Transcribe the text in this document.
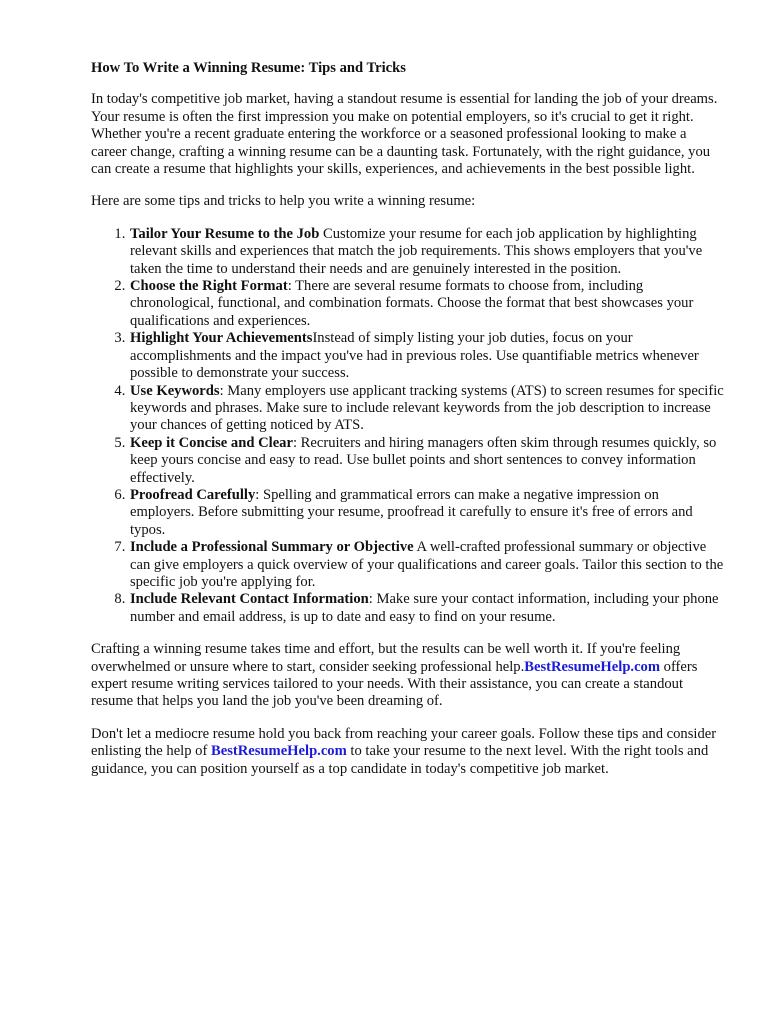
How To Write a Winning Resume: Tips and Tricks

In today's competitive job market, having a standout resume is essential for landing the job of your dreams. Your resume is often the first impression you make on potential employers, so it's crucial to get it right. Whether you're a recent graduate entering the workforce or a seasoned professional looking to make a career change, crafting a winning resume can be a daunting task. Fortunately, with the right guidance, you can create a resume that highlights your skills, experiences, and achievements in the best possible light.

Here are some tips and tricks to help you write a winning resume:

1. Tailor Your Resume to the Job Customize your resume for each job application by highlighting relevant skills and experiences that match the job requirements. This shows employers that you've taken the time to understand their needs and are genuinely interested in the position.
2. Choose the Right Format: There are several resume formats to choose from, including chronological, functional, and combination formats. Choose the format that best showcases your qualifications and experiences.
3. Highlight Your AchievementsInstead of simply listing your job duties, focus on your accomplishments and the impact you've had in previous roles. Use quantifiable metrics whenever possible to demonstrate your success.
4. Use Keywords: Many employers use applicant tracking systems (ATS) to screen resumes for specific keywords and phrases. Make sure to include relevant keywords from the job description to increase your chances of getting noticed by ATS.
5. Keep it Concise and Clear: Recruiters and hiring managers often skim through resumes quickly, so keep yours concise and easy to read. Use bullet points and short sentences to convey information effectively.
6. Proofread Carefully: Spelling and grammatical errors can make a negative impression on employers. Before submitting your resume, proofread it carefully to ensure it's free of errors and typos.
7. Include a Professional Summary or Objective A well-crafted professional summary or objective can give employers a quick overview of your qualifications and career goals. Tailor this section to the specific job you're applying for.
8. Include Relevant Contact Information: Make sure your contact information, including your phone number and email address, is up to date and easy to find on your resume.

Crafting a winning resume takes time and effort, but the results can be well worth it. If you're feeling overwhelmed or unsure where to start, consider seeking professional help.BestResumeHelp.com offers expert resume writing services tailored to your needs. With their assistance, you can create a standout resume that helps you land the job you've been dreaming of.

Don't let a mediocre resume hold you back from reaching your career goals. Follow these tips and consider enlisting the help of BestResumeHelp.com to take your resume to the next level. With the right tools and guidance, you can position yourself as a top candidate in today's competitive job market.
